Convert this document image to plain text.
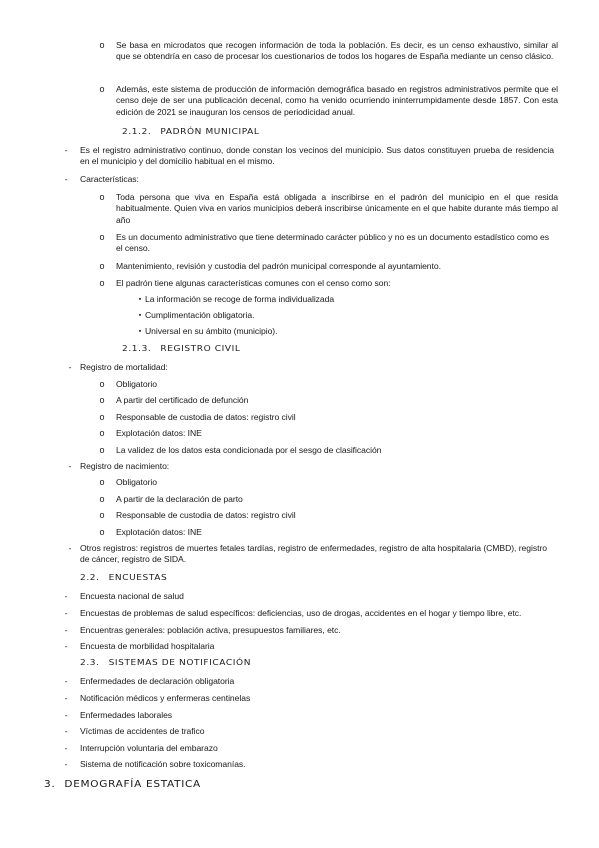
o Se basa en microdatos que recogen información de toda la población. Es decir, es un censo exhaustivo, similar al que se obtendría en caso de procesar los cuestionarios de todos los hogares de España mediante un censo clásico.
o Además, este sistema de producción de información demográfica basado en registros administrativos permite que el censo deje de ser una publicación decenal, como ha venido ocurriendo ininterrumpidamente desde 1857. Con esta edición de 2021 se inauguran los censos de periodicidad anual.
2.1.2. PADRÓN MUNICIPAL
-	Es el registro administrativo continuo, donde constan los vecinos del municipio. Sus datos constituyen prueba de residencia en el municipio y del domicilio habitual en el mismo.
-	Características:
o Toda persona que viva en España está obligada a inscribirse en el padrón del municipio en el que resida habitualmente. Quien viva en varios municipios deberá inscribirse únicamente en el que habite durante más tiempo al año
o Es un documento administrativo que tiene determinado carácter público y no es un documento estadístico como es el censo.
o Mantenimiento, revisión y custodia del padrón municipal corresponde al ayuntamiento.
o El padrón tiene algunas características comunes con el censo como son:
▪ La información se recoge de forma individualizada
▪ Cumplimentación obligatoria.
▪ Universal en su ámbito (municipio).
2.1.3. REGISTRO CIVIL
- Registro de mortalidad:
o Obligatorio
o A partir del certificado de defunción
o Responsable de custodia de datos: registro civil
o Explotación datos: INE
o La validez de los datos esta condicionada por el sesgo de clasificación
- Registro de nacimiento:
o Obligatorio
o A partir de la declaración de parto
o Responsable de custodia de datos: registro civil
o Explotación datos: INE
- Otros registros: registros de muertes fetales tardías, registro de enfermedades, registro de alta hospitalaria (CMBD), registro de cáncer, registro de SIDA.
2.2. ENCUESTAS
-	Encuesta nacional de salud
-	Encuestas de problemas de salud específicos: deficiencias, uso de drogas, accidentes en el hogar y tiempo libre, etc.
-	Encuentras generales: población activa, presupuestos familiares, etc.
-	Encuesta de morbilidad hospitalaria
2.3. SISTEMAS DE NOTIFICACIÓN
-	Enfermedades de declaración obligatoria
-	Notificación médicos y enfermeras centinelas
-	Enfermedades laborales
-	Víctimas de accidentes de trafico
-	Interrupción voluntaria del embarazo
-	Sistema de notificación sobre toxicomanías.
3. DEMOGRAFÍA ESTATICA
